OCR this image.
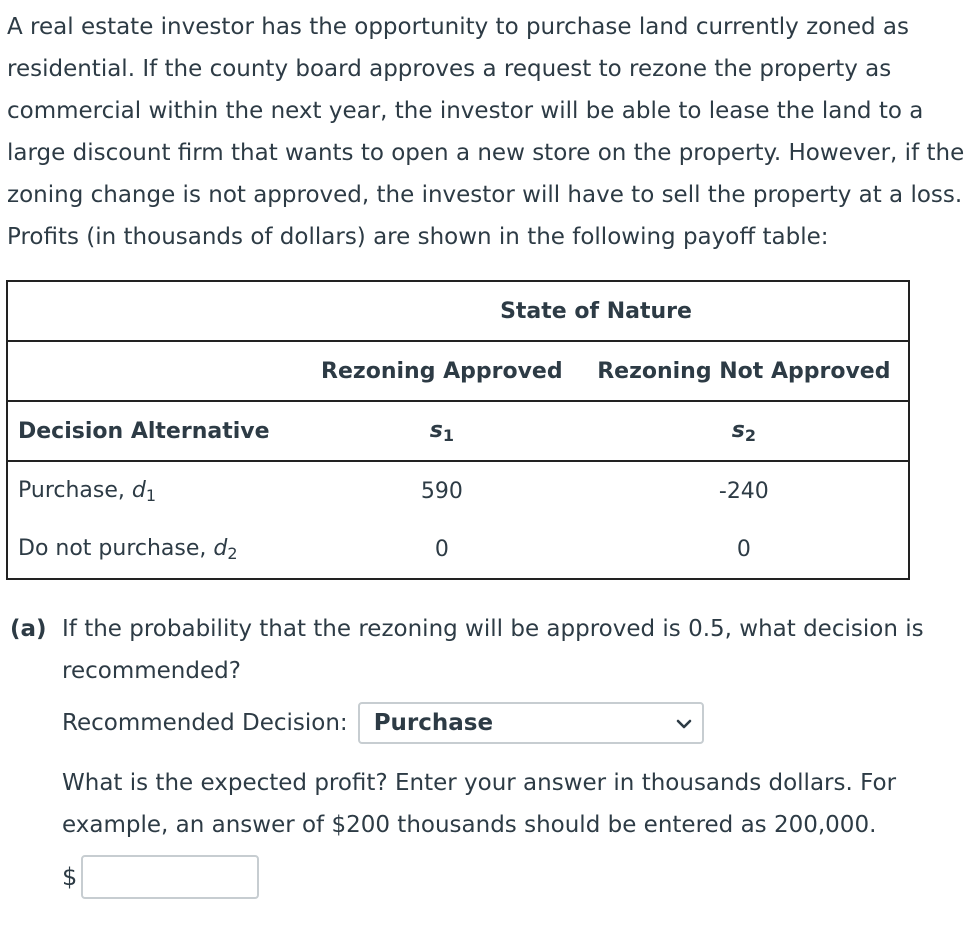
A real estate investor has the opportunity to purchase land currently zoned as residential. If the county board approves a request to rezone the property as commercial within the next year, the investor will be able to lease the land to a large discount firm that wants to open a new store on the property. However, if the zoning change is not approved, the investor will have to sell the property at a loss. Profits (in thousands of dollars) are shown in the following payoff table:

State of Nature		
	Rezoning Approved	Rezoning Not Approved
Decision Alternative	$s_1$	$s_2$
Purchase, $d_1$	590	-240
Do not purchase, $d_2$	0	0
(a) If the probability that the rezoning will be approved is 0.5, what decision is recommended?
Recommended Decision: Purchase
What is the expected profit? Enter your answer in thousands dollars. For example, an answer of $200 thousands should be entered as 200,000.
$
